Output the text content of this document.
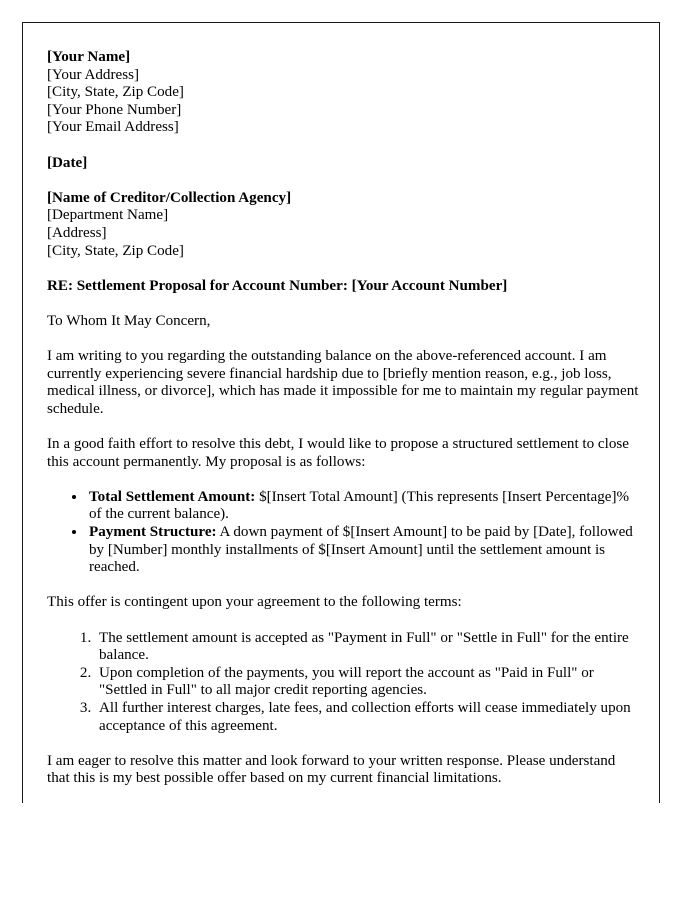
[Your Name]
[Your Address]
[City, State, Zip Code]
[Your Phone Number]
[Your Email Address]
[Date]
[Name of Creditor/Collection Agency]
[Department Name]
[Address]
[City, State, Zip Code]

RE: Settlement Proposal for Account Number: [Your Account Number]

To Whom It May Concern,

I am writing to you regarding the outstanding balance on the above-referenced account. I am currently experiencing severe financial hardship due to [briefly mention reason, e.g., job loss, medical illness, or divorce], which has made it impossible for me to maintain my regular payment schedule.

In a good faith effort to resolve this debt, I would like to propose a structured settlement to close this account permanently. My proposal is as follows:

• Total Settlement Amount: $[Insert Total Amount] (This represents [Insert Percentage]% of the current balance).
• Payment Structure: A down payment of $[Insert Amount] to be paid by [Date], followed by [Number] monthly installments of $[Insert Amount] until the settlement amount is reached.

This offer is contingent upon your agreement to the following terms:

1. The settlement amount is accepted as "Payment in Full" or "Settle in Full" for the entire balance.
2. Upon completion of the payments, you will report the account as "Paid in Full" or "Settled in Full" to all major credit reporting agencies.
3. All further interest charges, late fees, and collection efforts will cease immediately upon acceptance of this agreement.

I am eager to resolve this matter and look forward to your written response. Please understand that this is my best possible offer based on my current financial limitations.
